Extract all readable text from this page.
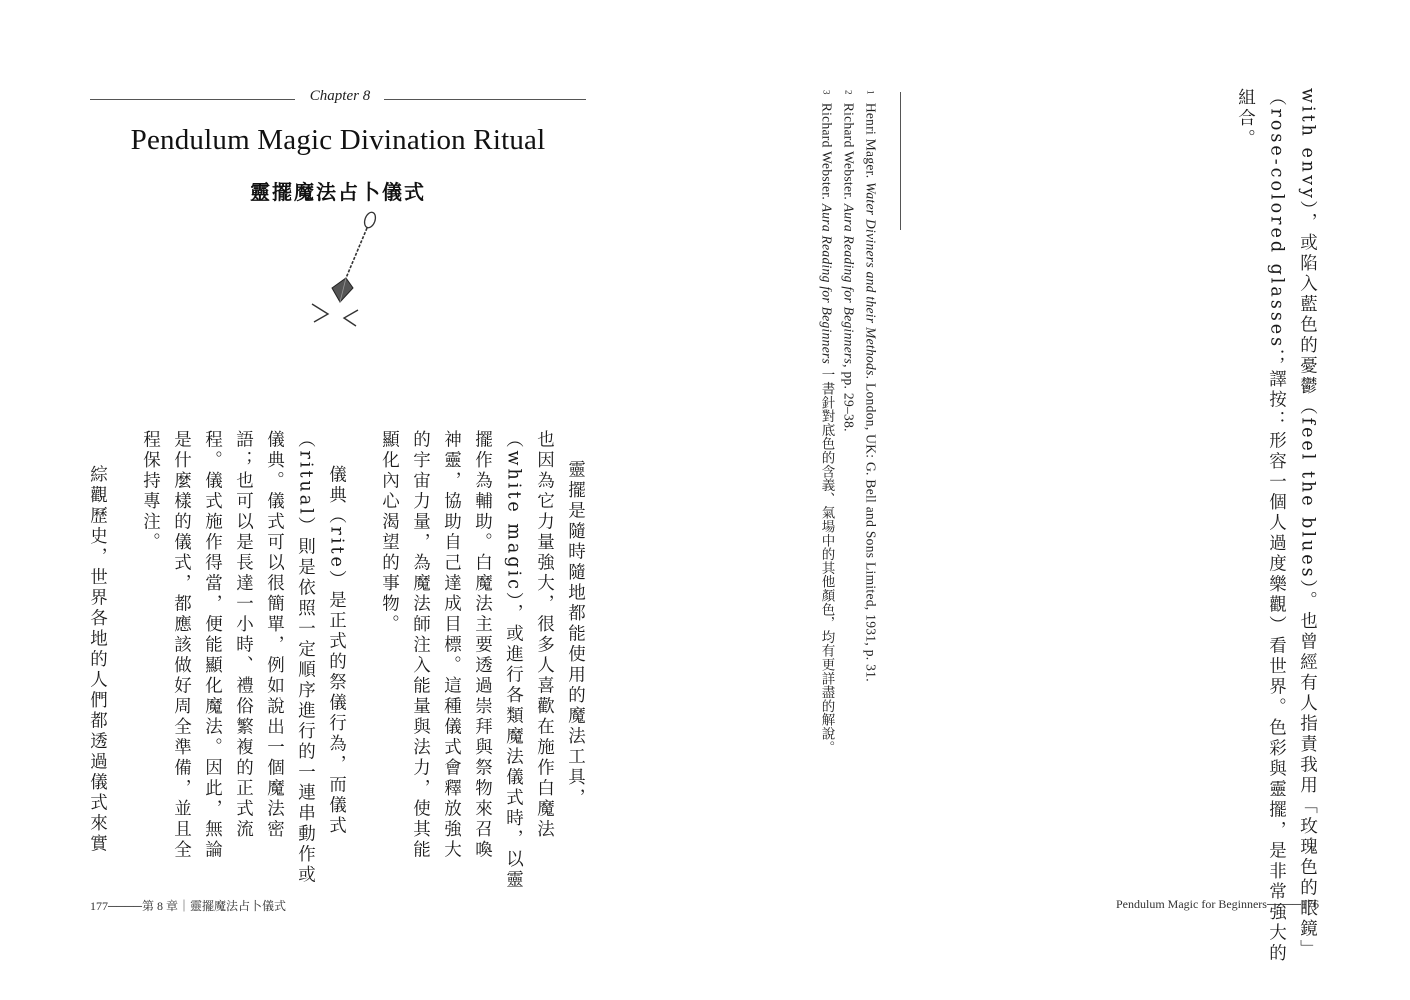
Chapter 8
Pendulum Magic Divination Ritual
靈擺魔法占卜儀式
靈擺是隨時隨地都能使用的魔法工具，
也因為它力量強大，很多人喜歡在施作白魔法
（white magic），或進行各類魔法儀式時，以靈
擺作為輔助。白魔法主要透過崇拜與祭物來召喚
神靈，協助自己達成目標。這種儀式會釋放強大
的宇宙力量，為魔法師注入能量與法力，使其能
顯化內心渴望的事物。
儀典（rite）是正式的祭儀行為，而儀式
（ritual）則是依照一定順序進行的一連串動作或
儀典。儀式可以很簡單，例如說出一個魔法密
語；也可以是長達一小時、禮俗繁複的正式流
程。儀式施作得當，便能顯化魔法。因此，無論
是什麼樣的儀式，都應該做好周全準備，並且全
程保持專注。
綜觀歷史，世界各地的人們都透過儀式來實
177────第 8 章｜靈擺魔法占卜儀式	with envy），或陷入藍色的憂鬱（feel the blues）。也曾經有人指責我用「玫瑰色的眼鏡」
（rose-colored glasses；譯按：形容一個人過度樂觀）看世界。色彩與靈擺，是非常強大的
組合。
1Henri Mager. Water Diviners and their Methods. London, UK: G. Bell and Sons Limited, 1931, p. 31.
2Richard Webster. Aura Reading for Beginners, pp. 29–38.
3Richard Webster. Aura Reading for Beginners 一書針對底色的含義、氣場中的其他顏色，均有更詳盡的解說。
Pendulum Magic for Beginners────176
